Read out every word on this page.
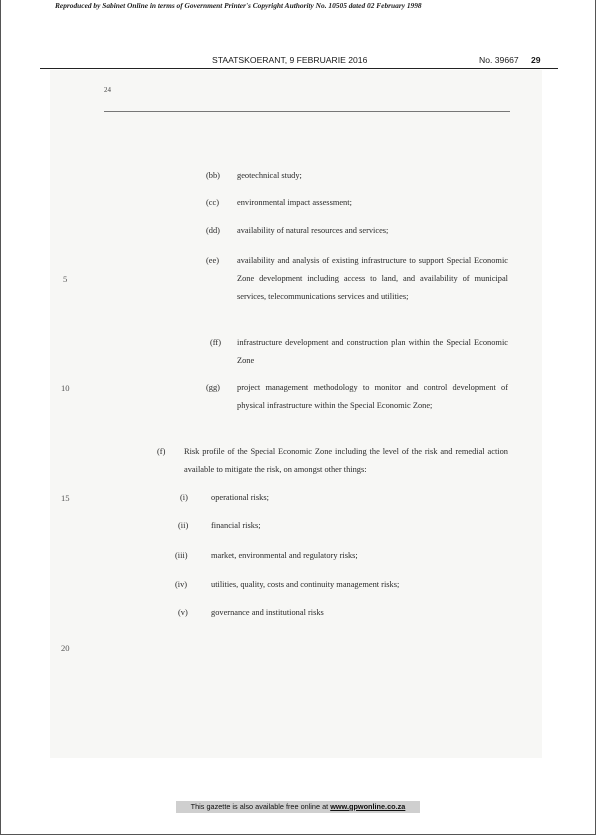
Reproduced by Sabinet Online in terms of Government Printer's Copyright Authority No. 10505 dated 02 February 1998
STAATSKOERANT, 9 FEBRUARIE 2016	No. 39667 29
24
5
10
15
20
(bb) geotechnical study;
(cc) environmental impact assessment;
(dd) availability of natural resources and services;
(ee) availability and analysis of existing infrastructure to support Special Economic Zone development including access to land, and availability of municipal services, telecommunications services and utilities;
(ff) infrastructure development and construction plan within the Special Economic Zone
(gg) project management methodology to monitor and control development of physical infrastructure within the Special Economic Zone;
(f) Risk profile of the Special Economic Zone including the level of the risk and remedial action available to mitigate the risk, on amongst other things:
(i)	operational risks;
(ii)	financial risks;
(iii)	market, environmental and regulatory risks;
(iv)	utilities, quality, costs and continuity management risks;
(v)	governance and institutional risks
This gazette is also available free online at www.gpwonline.co.za
